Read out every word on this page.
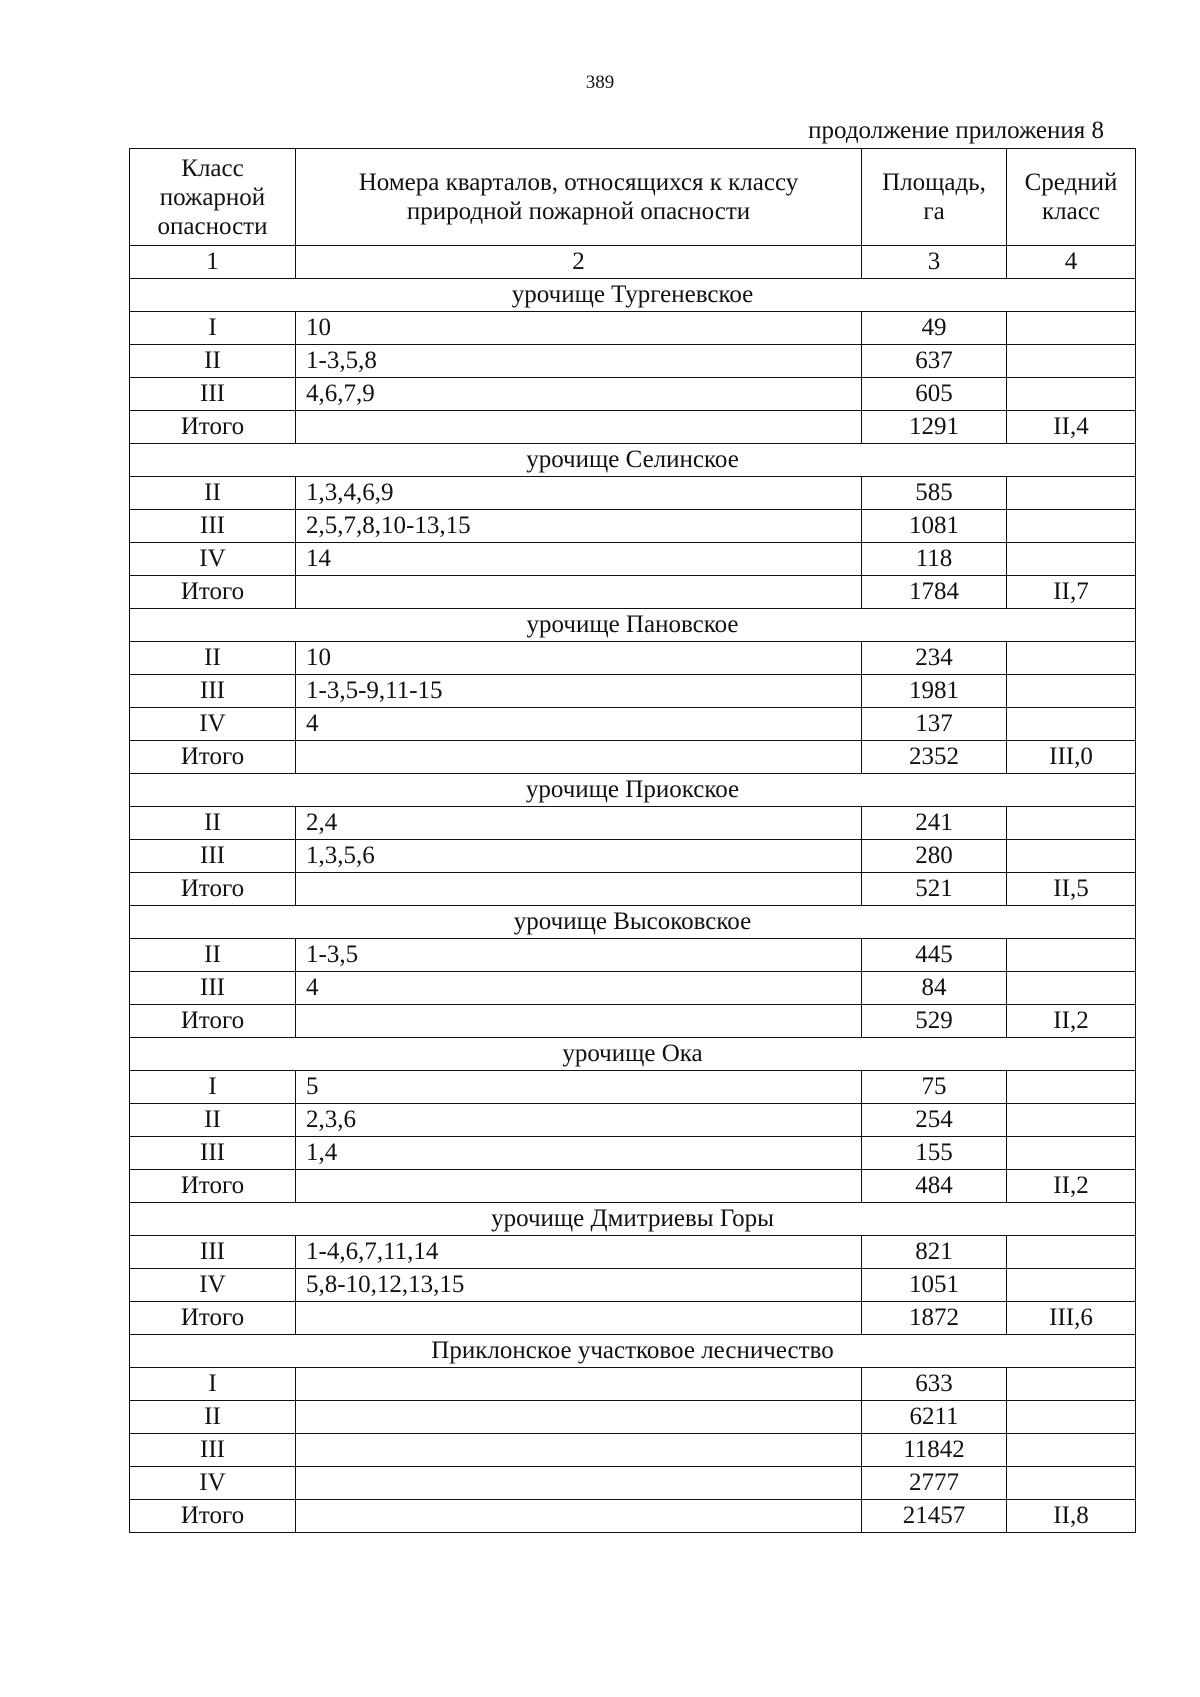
389
продолжение приложения 8
Класс пожарной опасности	Номера кварталов, относящихся к классу природной пожарной опасности	Площадь, га	Средний класс
1	2	3	4
урочище Тургеневское			
I	10	49	
II	1-3,5,8	637	
III	4,6,7,9	605	
Итого		1291	II,4
урочище Селинское			
II	1,3,4,6,9	585	
III	2,5,7,8,10-13,15	1081	
IV	14	118	
Итого		1784	II,7
урочище Пановское			
II	10	234	
III	1-3,5-9,11-15	1981	
IV	4	137	
Итого		2352	III,0
урочище Приокское			
II	2,4	241	
III	1,3,5,6	280	
Итого		521	II,5
урочище Высоковское			
II	1-3,5	445	
III	4	84	
Итого		529	II,2
урочище Ока			
I	5	75	
II	2,3,6	254	
III	1,4	155	
Итого		484	II,2
урочище Дмитриевы Горы			
III	1-4,6,7,11,14	821	
IV	5,8-10,12,13,15	1051	
Итого		1872	III,6
Приклонское участковое лесничество			
I		633	
II		6211	
III		11842	
IV		2777	
Итого		21457	II,8
